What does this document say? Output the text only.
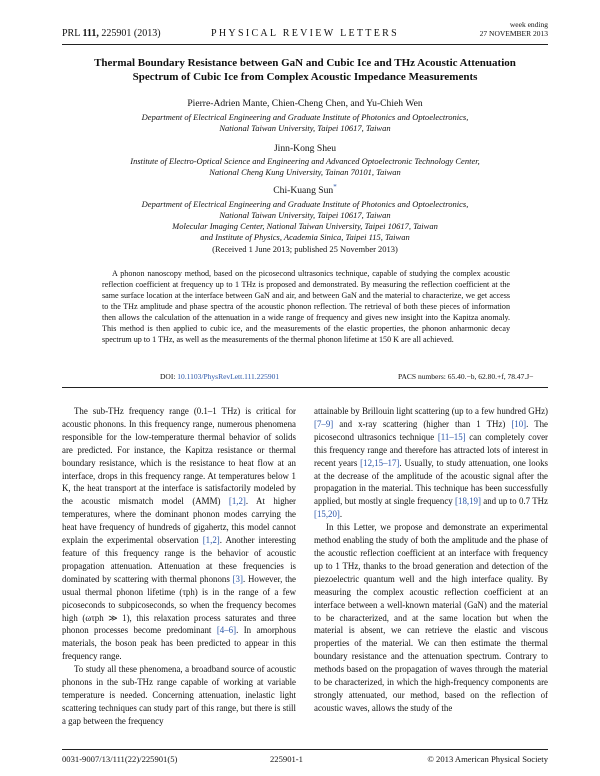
PRL 111, 225901 (2013)	PHYSICAL REVIEW LETTERS
week ending
27 NOVEMBER 2013
Thermal Boundary Resistance between GaN and Cubic Ice and THz Acoustic Attenuation
Spectrum of Cubic Ice from Complex Acoustic Impedance Measurements
Pierre-Adrien Mante, Chien-Cheng Chen, and Yu-Chieh Wen
Department of Electrical Engineering and Graduate Institute of Photonics and Optoelectronics,
National Taiwan University, Taipei 10617, Taiwan
Jinn-Kong Sheu
Institute of Electro-Optical Science and Engineering and Advanced Optoelectronic Technology Center,
National Cheng Kung University, Tainan 70101, Taiwan
Chi-Kuang Sun*
Department of Electrical Engineering and Graduate Institute of Photonics and Optoelectronics,
National Taiwan University, Taipei 10617, Taiwan
Molecular Imaging Center, National Taiwan University, Taipei 10617, Taiwan
and Institute of Physics, Academia Sinica, Taipei 115, Taiwan
(Received 1 June 2013; published 25 November 2013)

A phonon nanoscopy method, based on the picosecond ultrasonics technique, capable of studying the complex acoustic reflection coefficient at frequency up to 1 THz is proposed and demonstrated. By measuring the reflection coefficient at the same surface location at the interface between GaN and air, and between GaN and the material to characterize, we get access to the THz amplitude and phase spectra of the acoustic phonon reflection. The retrieval of both these pieces of information then allows the calculation of the attenuation in a wide range of frequency and gives new insight into the Kapitza anomaly. This method is then applied to cubic ice, and the measurements of the elastic properties, the phonon anharmonic decay spectrum up to 1 THz, as well as the measurements of the thermal phonon lifetime at 150 K are all achieved.

DOI: 10.1103/PhysRevLett.111.225901	PACS numbers: 65.40.−b, 62.80.+f, 78.47.J−

The sub-THz frequency range (0.1–1 THz) is critical for acoustic phonons. In this frequency range, numerous phenomena responsible for the low-temperature thermal behavior of solids are predicted. For instance, the Kapitza resistance or thermal boundary resistance, which is the resistance to heat flow at an interface, drops in this frequency range. At temperatures below 1 K, the heat transport at the interface is satisfactorily modeled by the acoustic mismatch model (AMM) [1,2]. At higher temperatures, where the dominant phonon modes carrying the heat have frequency of hundreds of gigahertz, this model cannot explain the experimental observation [1,2]. Another interesting feature of this frequency range is the behavior of acoustic propagation attenuation. Attenuation at these frequencies is dominated by scattering with thermal phonons [3]. However, the usual thermal phonon lifetime (τph) is in the range of a few picoseconds to subpicoseconds, so when the frequency becomes high (ωτph ≫ 1), this relaxation process saturates and three phonon processes become predominant [4–6]. In amorphous materials, the boson peak has been predicted to appear in this frequency range.

To study all these phenomena, a broadband source of acoustic phonons in the sub-THz range capable of working at variable temperature is needed. Concerning attenuation, inelastic light scattering techniques can study part of this range, but there is still a gap between the frequency

attainable by Brillouin light scattering (up to a few hundred GHz) [7–9] and x-ray scattering (higher than 1 THz) [10]. The picosecond ultrasonics technique [11–15] can completely cover this frequency range and therefore has attracted lots of interest in recent years [12,15–17]. Usually, to study attenuation, one looks at the decrease of the amplitude of the acoustic signal after the propagation in the material. This technique has been successfully applied, but mostly at single frequency [18,19] and up to 0.7 THz [15,20].

In this Letter, we propose and demonstrate an experimental method enabling the study of both the amplitude and the phase of the acoustic reflection coefficient at an interface with frequency up to 1 THz, thanks to the broad generation and detection of the piezoelectric quantum well and the high interface quality. By measuring the complex acoustic reflection coefficient at an interface between a well-known material (GaN) and the material to be characterized, and at the same location but when the material is absent, we can retrieve the elastic and viscous properties of the material. We can then estimate the thermal boundary resistance and the attenuation spectrum. Contrary to methods based on the propagation of waves through the material to be characterized, in which the high-frequency components are strongly attenuated, our method, based on the reflection of acoustic waves, allows the study of the

0031-9007/13/111(22)/225901(5)	225901-1	© 2013 American Physical Society
